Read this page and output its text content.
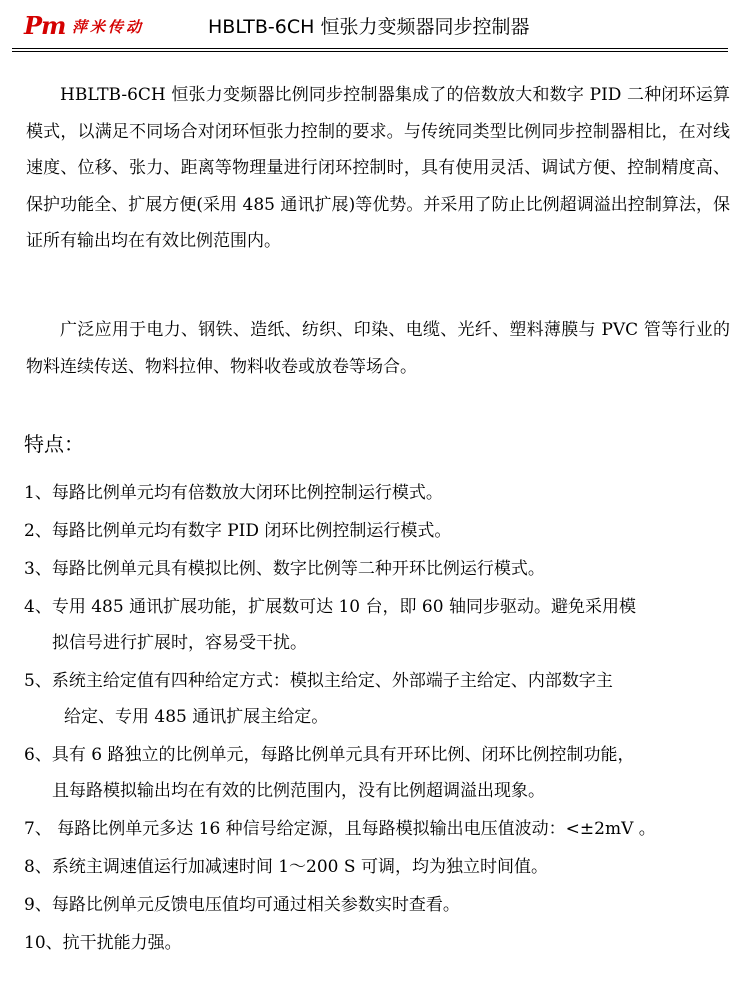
Pm 萍米传动	HBLTB-6CH 恒张力变频器同步控制器

HBLTB-6CH 恒张力变频器比例同步控制器集成了的倍数放大和数字 PID 二种闭环运算模式，以满足不同场合对闭环恒张力控制的要求。与传统同类型比例同步控制器相比，在对线速度、位移、张力、距离等物理量进行闭环控制时，具有使用灵活、调试方便、控制精度高、保护功能全、扩展方便(采用 485 通讯扩展)等优势。并采用了防止比例超调溢出控制算法，保证所有输出均在有效比例范围内。

广泛应用于电力、钢铁、造纸、纺织、印染、电缆、光纤、塑料薄膜与 PVC 管等行业的物料连续传送、物料拉伸、物料收卷或放卷等场合。

特点：
1、每路比例单元均有倍数放大闭环比例控制运行模式。
2、每路比例单元均有数字 PID 闭环比例控制运行模式。
3、每路比例单元具有模拟比例、数字比例等二种开环比例运行模式。
4、专用 485 通讯扩展功能，扩展数可达 10 台，即 60 轴同步驱动。避免采用模
拟信号进行扩展时，容易受干扰。
5、系统主给定值有四种给定方式：模拟主给定、外部端子主给定、内部数字主
给定、专用 485 通讯扩展主给定。
6、具有 6 路独立的比例单元，每路比例单元具有开环比例、闭环比例控制功能，
且每路模拟输出均在有效的比例范围内，没有比例超调溢出现象。
7、 每路比例单元多达 16 种信号给定源，且每路模拟输出电压值波动：<±2mV 。
8、系统主调速值运行加减速时间 1～200 S 可调，均为独立时间值。
9、每路比例单元反馈电压值均可通过相关参数实时查看。
10、抗干扰能力强。
